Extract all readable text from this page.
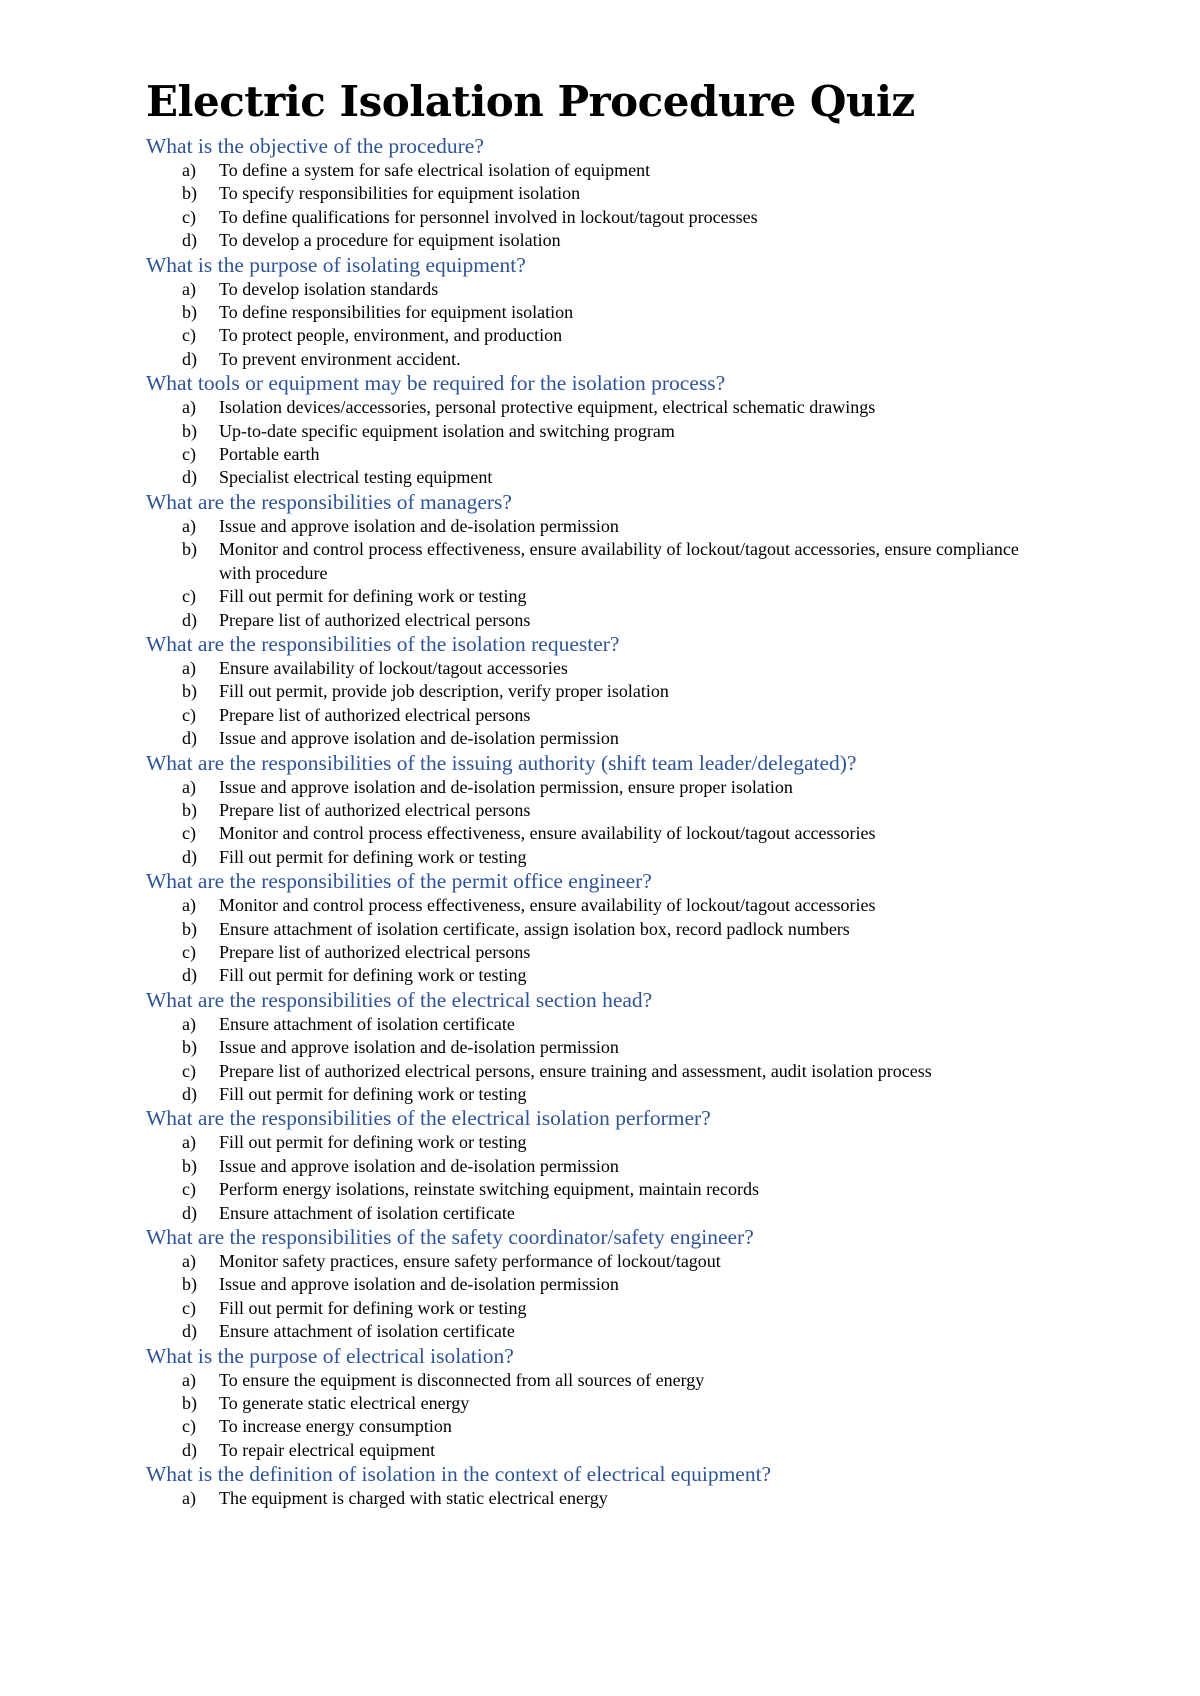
Electric Isolation Procedure Quiz
What is the objective of the procedure?
a) To define a system for safe electrical isolation of equipment
b) To specify responsibilities for equipment isolation
c) To define qualifications for personnel involved in lockout/tagout processes
d) To develop a procedure for equipment isolation
What is the purpose of isolating equipment?
a) To develop isolation standards
b) To define responsibilities for equipment isolation
c) To protect people, environment, and production
d) To prevent environment accident.
What tools or equipment may be required for the isolation process?
a) Isolation devices/accessories, personal protective equipment, electrical schematic drawings
b) Up-to-date specific equipment isolation and switching program
c) Portable earth
d) Specialist electrical testing equipment
What are the responsibilities of managers?
a) Issue and approve isolation and de-isolation permission
b) Monitor and control process effectiveness, ensure availability of lockout/tagout accessories, ensure compliance with procedure
c) Fill out permit for defining work or testing
d) Prepare list of authorized electrical persons
What are the responsibilities of the isolation requester?
a) Ensure availability of lockout/tagout accessories
b) Fill out permit, provide job description, verify proper isolation
c) Prepare list of authorized electrical persons
d) Issue and approve isolation and de-isolation permission
What are the responsibilities of the issuing authority (shift team leader/delegated)?
a) Issue and approve isolation and de-isolation permission, ensure proper isolation
b) Prepare list of authorized electrical persons
c) Monitor and control process effectiveness, ensure availability of lockout/tagout accessories
d) Fill out permit for defining work or testing
What are the responsibilities of the permit office engineer?
a) Monitor and control process effectiveness, ensure availability of lockout/tagout accessories
b) Ensure attachment of isolation certificate, assign isolation box, record padlock numbers
c) Prepare list of authorized electrical persons
d) Fill out permit for defining work or testing
What are the responsibilities of the electrical section head?
a) Ensure attachment of isolation certificate
b) Issue and approve isolation and de-isolation permission
c) Prepare list of authorized electrical persons, ensure training and assessment, audit isolation process
d) Fill out permit for defining work or testing
What are the responsibilities of the electrical isolation performer?
a) Fill out permit for defining work or testing
b) Issue and approve isolation and de-isolation permission
c) Perform energy isolations, reinstate switching equipment, maintain records
d) Ensure attachment of isolation certificate
What are the responsibilities of the safety coordinator/safety engineer?
a) Monitor safety practices, ensure safety performance of lockout/tagout
b) Issue and approve isolation and de-isolation permission
c) Fill out permit for defining work or testing
d) Ensure attachment of isolation certificate
What is the purpose of electrical isolation?
a) To ensure the equipment is disconnected from all sources of energy
b) To generate static electrical energy
c) To increase energy consumption
d) To repair electrical equipment
What is the definition of isolation in the context of electrical equipment?
a) The equipment is charged with static electrical energy
